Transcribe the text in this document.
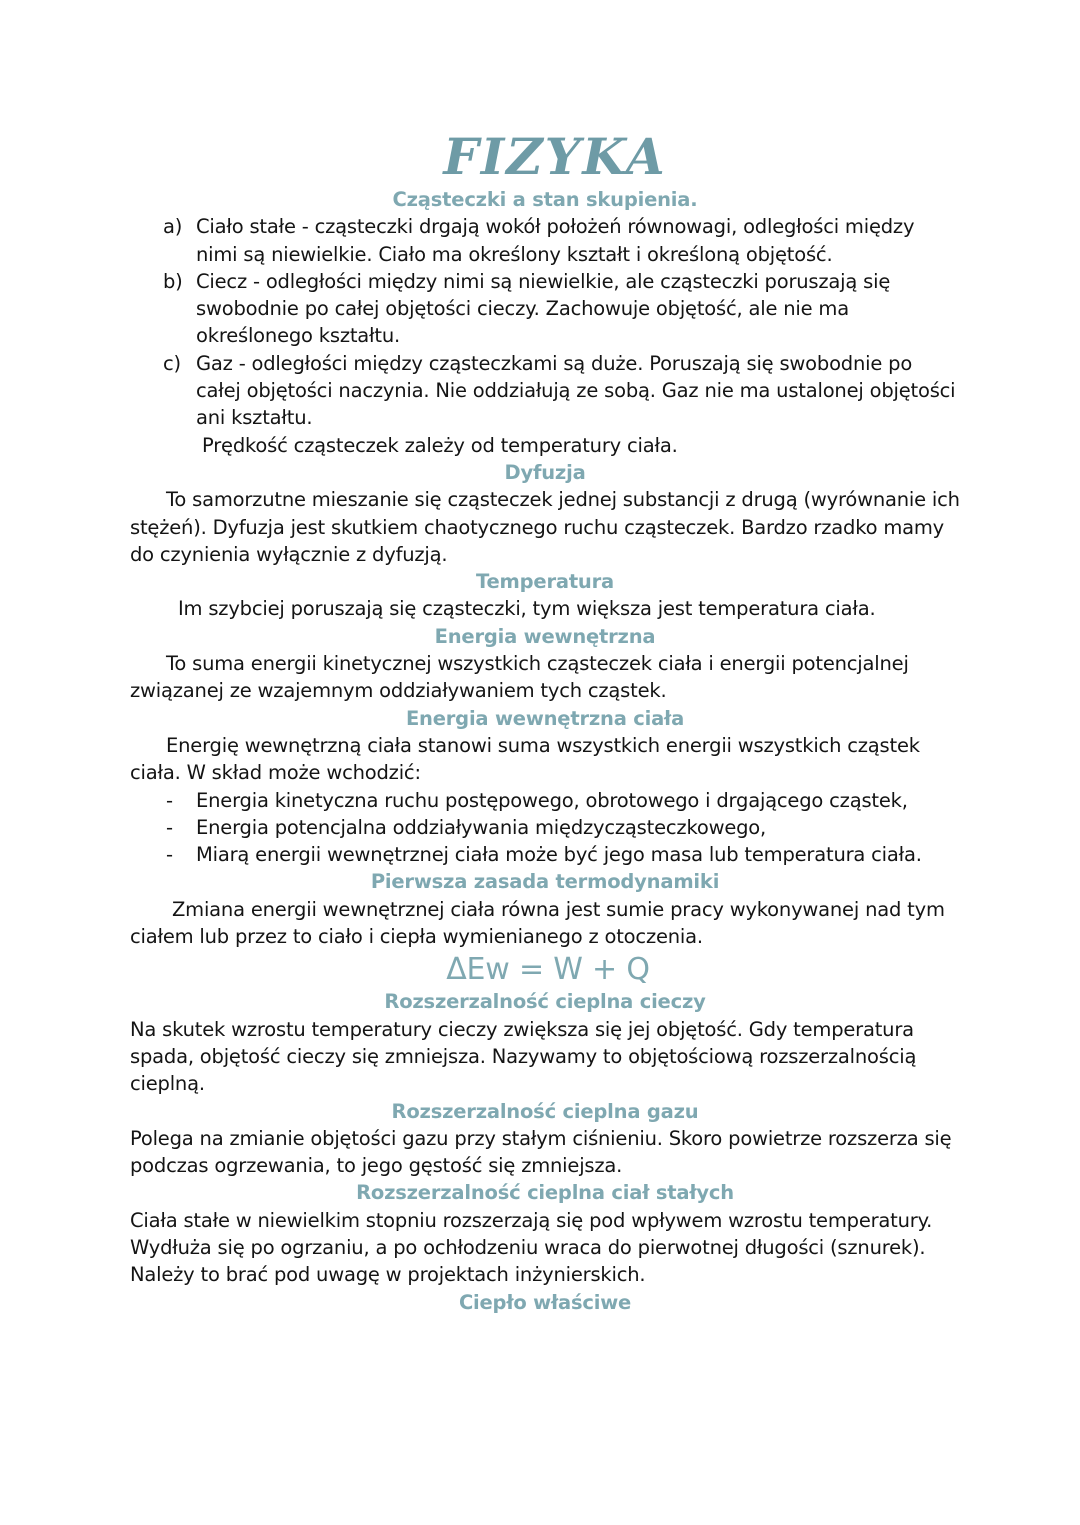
FIZYKA
Cząsteczki a stan skupienia.
a) Ciało stałe - cząsteczki drgają wokół położeń równowagi, odległości między nimi są niewielkie. Ciało ma określony kształt i określoną objętość.
b) Ciecz - odległości między nimi są niewielkie, ale cząsteczki poruszają się swobodnie po całej objętości cieczy. Zachowuje objętość, ale nie ma określonego kształtu.
c) Gaz - odległości między cząsteczkami są duże. Poruszają się swobodnie po całej objętości naczynia. Nie oddziałują ze sobą. Gaz nie ma ustalonej objętości ani kształtu.
Prędkość cząsteczek zależy od temperatury ciała.
Dyfuzja
To samorzutne mieszanie się cząsteczek jednej substancji z drugą (wyrównanie ich stężeń). Dyfuzja jest skutkiem chaotycznego ruchu cząsteczek. Bardzo rzadko mamy do czynienia wyłącznie z dyfuzją.
Temperatura
Im szybciej poruszają się cząsteczki, tym większa jest temperatura ciała.
Energia wewnętrzna
To suma energii kinetycznej wszystkich cząsteczek ciała i energii potencjalnej związanej ze wzajemnym oddziaływaniem tych cząstek.
Energia wewnętrzna ciała
Energię wewnętrzną ciała stanowi suma wszystkich energii wszystkich cząstek ciała. W skład może wchodzić:
- Energia kinetyczna ruchu postępowego, obrotowego i drgającego cząstek,
- Energia potencjalna oddziaływania międzycząsteczkowego,
- Miarą energii wewnętrznej ciała może być jego masa lub temperatura ciała.
Pierwsza zasada termodynamiki
Zmiana energii wewnętrznej ciała równa jest sumie pracy wykonywanej nad tym ciałem lub przez to ciało i ciepła wymienianego z otoczenia.
ΔEw = W + Q
Rozszerzalność cieplna cieczy
Na skutek wzrostu temperatury cieczy zwiększa się jej objętość. Gdy temperatura spada, objętość cieczy się zmniejsza. Nazywamy to objętościową rozszerzalnością cieplną.
Rozszerzalność cieplna gazu
Polega na zmianie objętości gazu przy stałym ciśnieniu. Skoro powietrze rozszerza się podczas ogrzewania, to jego gęstość się zmniejsza.
Rozszerzalność cieplna ciał stałych
Ciała stałe w niewielkim stopniu rozszerzają się pod wpływem wzrostu temperatury. Wydłuża się po ogrzaniu, a po ochłodzeniu wraca do pierwotnej długości (sznurek). Należy to brać pod uwagę w projektach inżynierskich.
Ciepło właściwe
